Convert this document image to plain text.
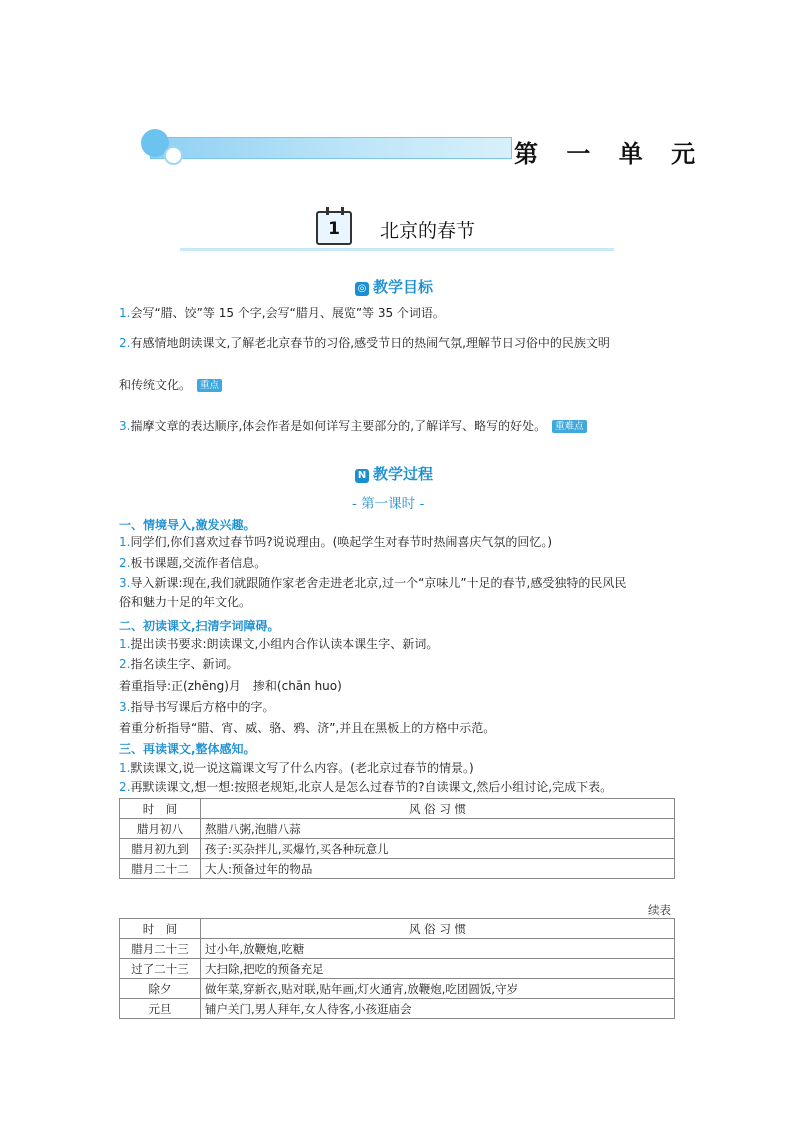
第 一 单 元
1	北京的春节
◎ 教学目标
1.会写“腊、饺”等 15 个字,会写“腊月、展览”等 35 个词语。
2.有感情地朗读课文,了解老北京春节的习俗,感受节日的热闹气氛,理解节日习俗中的民族文明
和传统文化。 重点
3.揣摩文章的表达顺序,体会作者是如何详写主要部分的,了解详写、略写的好处。 重难点
N 教学过程
- 第一课时 -
一、情境导入,激发兴趣。
1.同学们,你们喜欢过春节吗?说说理由。(唤起学生对春节时热闹喜庆气氛的回忆。)
2.板书课题,交流作者信息。
3.导入新课:现在,我们就跟随作家老舍走进老北京,过一个“京味儿”十足的春节,感受独特的民风民
俗和魅力十足的年文化。
二、初读课文,扫清字词障碍。
1.提出读书要求:朗读课文,小组内合作认读本课生字、新词。
2.指名读生字、新词。
着重指导:正(zhēng)月　掺和(chān huo)
3.指导书写课后方格中的字。
着重分析指导“腊、宵、威、骆、鸦、济”,并且在黑板上的方格中示范。
三、再读课文,整体感知。
1.默读课文,说一说这篇课文写了什么内容。(老北京过春节的情景。)
2.再默读课文,想一想:按照老规矩,北京人是怎么过春节的?自读课文,然后小组讨论,完成下表。
时　间	风 俗 习 惯
腊月初八	熬腊八粥,泡腊八蒜
腊月初九到	孩子:买杂拌儿,买爆竹,买各种玩意儿
腊月二十二	大人:预备过年的物品
续表
时　间	风 俗 习 惯
腊月二十三	过小年,放鞭炮,吃糖
过了二十三	大扫除,把吃的预备充足
除夕	做年菜,穿新衣,贴对联,贴年画,灯火通宵,放鞭炮,吃团圆饭,守岁
元旦	铺户关门,男人拜年,女人待客,小孩逛庙会
